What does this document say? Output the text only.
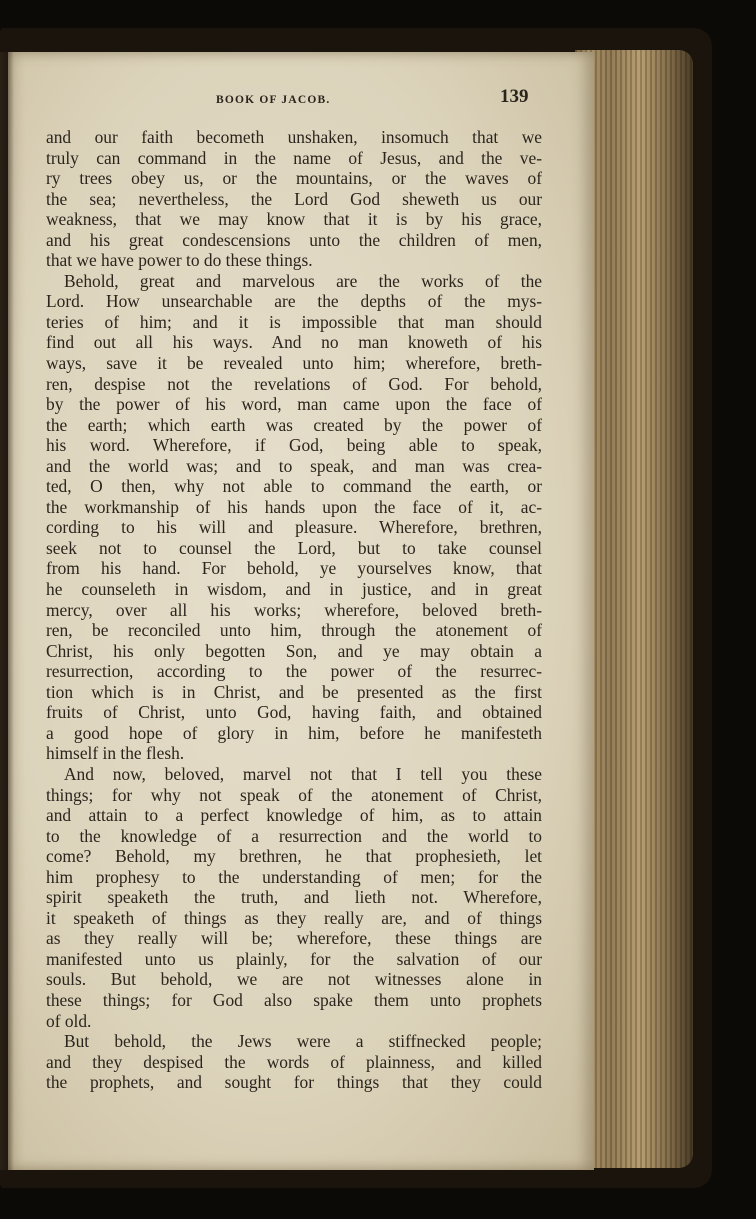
BOOK OF JACOB.	139
and our faith becometh unshaken, insomuch that we
truly can command in the name of Jesus, and the ve-
ry trees obey us, or the mountains, or the waves of
the sea; nevertheless, the Lord God sheweth us our
weakness, that we may know that it is by his grace,
and his great condescensions unto the children of men,
that we have power to do these things.
Behold, great and marvelous are the works of the
Lord. How unsearchable are the depths of the mys-
teries of him; and it is impossible that man should
find out all his ways. And no man knoweth of his
ways, save it be revealed unto him; wherefore, breth-
ren, despise not the revelations of God. For behold,
by the power of his word, man came upon the face of
the earth; which earth was created by the power of
his word. Wherefore, if God, being able to speak,
and the world was; and to speak, and man was crea-
ted, O then, why not able to command the earth, or
the workmanship of his hands upon the face of it, ac-
cording to his will and pleasure. Wherefore, brethren,
seek not to counsel the Lord, but to take counsel
from his hand. For behold, ye yourselves know, that
he counseleth in wisdom, and in justice, and in great
mercy, over all his works; wherefore, beloved breth-
ren, be reconciled unto him, through the atonement of
Christ, his only begotten Son, and ye may obtain a
resurrection, according to the power of the resurrec-
tion which is in Christ, and be presented as the first
fruits of Christ, unto God, having faith, and obtained
a good hope of glory in him, before he manifesteth
himself in the flesh.
And now, beloved, marvel not that I tell you these
things; for why not speak of the atonement of Christ,
and attain to a perfect knowledge of him, as to attain
to the knowledge of a resurrection and the world to
come? Behold, my brethren, he that prophesieth, let
him prophesy to the understanding of men; for the
spirit speaketh the truth, and lieth not. Wherefore,
it speaketh of things as they really are, and of things
as they really will be; wherefore, these things are
manifested unto us plainly, for the salvation of our
souls. But behold, we are not witnesses alone in
these things; for God also spake them unto prophets
of old.
But behold, the Jews were a stiffnecked people;
and they despised the words of plainness, and killed
the prophets, and sought for things that they could
